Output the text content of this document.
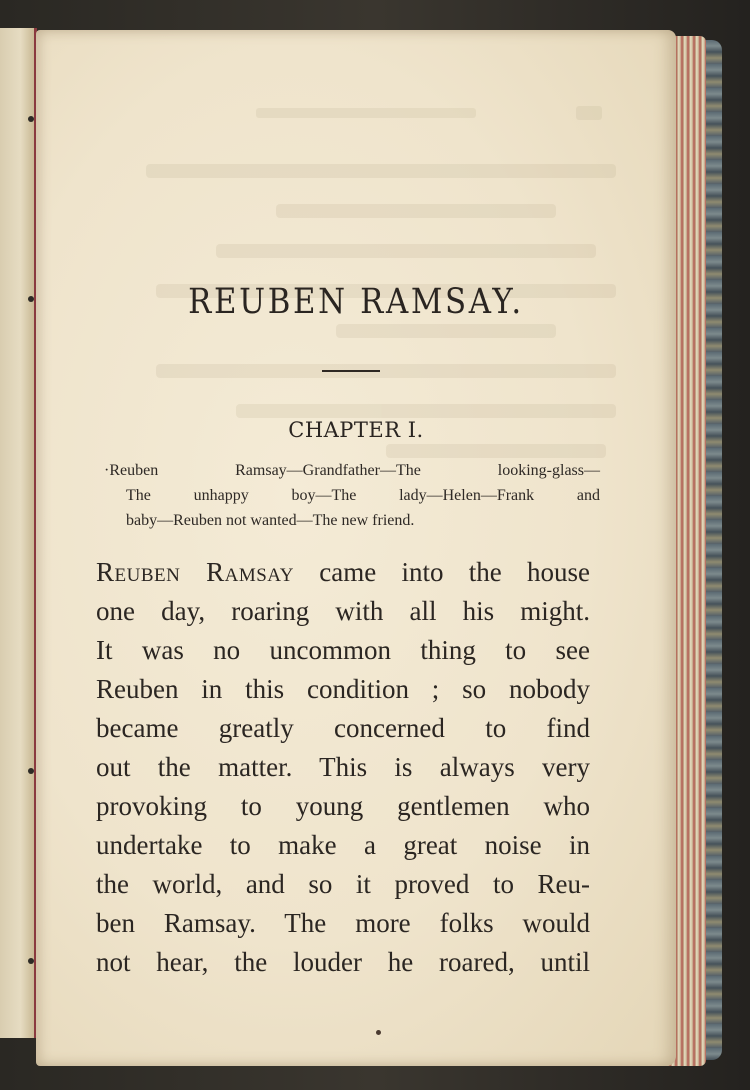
REUBEN RAMSAY.
CHAPTER I.
·Reuben Ramsay—Grandfather—The looking-glass—
The unhappy boy—The lady—Helen—Frank and
baby—Reuben not wanted—The new friend.
Reuben Ramsay came into the house
one day, roaring with all his might.
It was no uncommon thing to see
Reuben in this condition ; so nobody
became greatly concerned to find
out the matter. This is always very
provoking to young gentlemen who
undertake to make a great noise in
the world, and so it proved to Reu-
ben Ramsay. The more folks would
not hear, the louder he roared, until
